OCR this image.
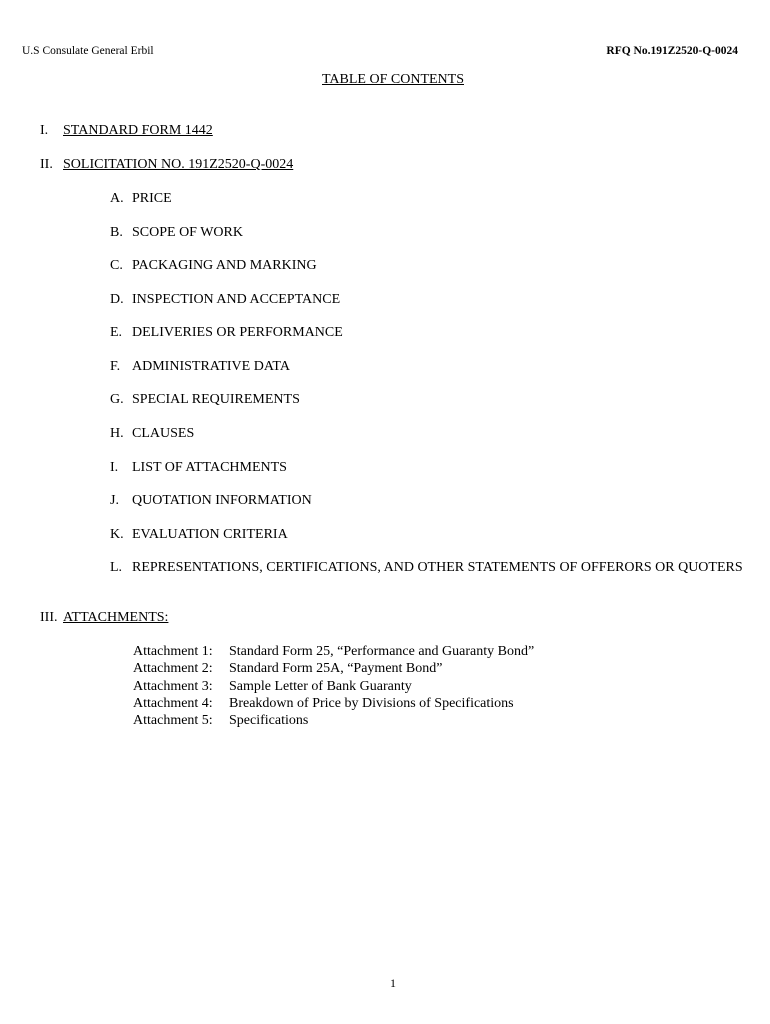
U.S Consulate General Erbil	RFQ No.191Z2520-Q-0024
TABLE OF CONTENTS
I. STANDARD FORM 1442
II. SOLICITATION NO. 191Z2520-Q-0024
A. PRICE
B. SCOPE OF WORK
C. PACKAGING AND MARKING
D. INSPECTION AND ACCEPTANCE
E. DELIVERIES OR PERFORMANCE
F. ADMINISTRATIVE DATA
G. SPECIAL REQUIREMENTS
H. CLAUSES
I. LIST OF ATTACHMENTS
J. QUOTATION INFORMATION
K. EVALUATION CRITERIA
L. REPRESENTATIONS, CERTIFICATIONS, AND OTHER STATEMENTS OF OFFERORS OR QUOTERS
III. ATTACHMENTS:
Attachment 1: Standard Form 25, “Performance and Guaranty Bond”
Attachment 2: Standard Form 25A, “Payment Bond”
Attachment 3: Sample Letter of Bank Guaranty
Attachment 4: Breakdown of Price by Divisions of Specifications
Attachment 5: Specifications
1
